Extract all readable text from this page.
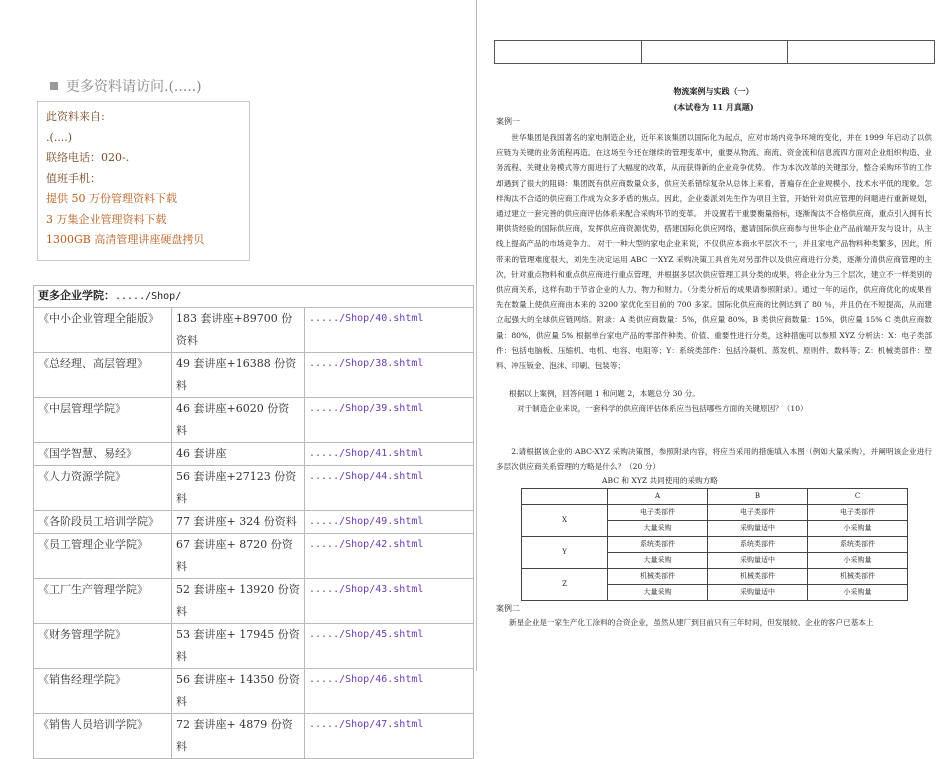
更多资料请访问.(.....)
此资料来自:
.(....)
联络电话：020-.
值班手机：
提供 50 万份管理资料下载
3 万集企业管理资料下载
1300GB 高清管理讲座硬盘拷贝
更多企业学院：...../Shop/		
《中小企业管理全能版》	183 套讲座+89700 份资料	...../Shop/40.shtml
《总经理、高层管理》	49 套讲座+16388 份资料	...../Shop/38.shtml
《中层管理学院》	46 套讲座+6020 份资料	...../Shop/39.shtml
《国学智慧、易经》	46 套讲座	...../Shop/41.shtml
《人力资源学院》	56 套讲座+27123 份资料	...../Shop/44.shtml
《各阶段员工培训学院》	77 套讲座+ 324 份资料	...../Shop/49.shtml
《员工管理企业学院》	67 套讲座+ 8720 份资料	...../Shop/42.shtml
《工厂生产管理学院》	52 套讲座+ 13920 份资料	...../Shop/43.shtml
《财务管理学院》	53 套讲座+ 17945 份资料	...../Shop/45.shtml
《销售经理学院》	56 套讲座+ 14350 份资料	...../Shop/46.shtml
《销售人员培训学院》	72 套讲座+ 4879 份资料	...../Shop/47.shtml

物流案例与实践（一）
(本试卷为 11 月真题)
案例一

世华集团是我国著名的家电制造企业，近年来该集团以国际化为起点，应对市场内竞争环境的变化，并在 1999 年启动了以供应链为关键的业务流程再造。在这场至今还在继续的管理变革中，重要从物流、商流、资金流和信息流四方面对企业组织构造、业务流程、关键业务模式等方面进行了大幅度的改革，从而获得新的企业竞争优势。 作为本次改革的关键部分，整合采购环节的工作却遇到了很大的阻碍：集团既有供应商数量众多，供应关系错综复杂从总体上来看，普遍存在企业规模小、技术水平低的现象。怎样淘汰不合适的供应商工作成为众多矛盾的焦点。因此，企业委派刘先生作为项目主管，开始针对供应管理的问题进行重新规划，通过建立一套完善的供应商评估体系来配合采购环节的变革。 并设置若干重要衡量指标，逐渐淘汰不合格供应商，重点引入拥有长期供货经验的国际供应商，发挥供应商资源优势，搭建国际化供应网络，邀请国际供应商参与世华企业产品前端开发与设计，从主线上提高产品的市场竞争力。 对于一种大型的家电企业来说，不仅供应本商水平层次不一，并且家电产品物料种类繁多，因此，所带来的管理难度很大，刘先生决定运用 ABC 一XYZ 采购决策工具首先对另部件以及供应商进行分类，逐渐分清供应商管理的主次，针对重点物料和重点供应商进行重点管理，并根据多层次供应管理工具分类的成果，将企业分为三个层次，建立不一样类别的供应商关系，这样有助于节省企业的人力、物力和财力。（分类分析后的成果请参照附录）。通过一年的运作，供应商优化的成果首先在数量上使供应商由本来的 3200 家优化至目前的 700 多家。国际化供应商的比例达到了 80 ％，并且仍在不短提高，从而建立起强大的全球供应链网络。附录：A 类供应商数量：5%，供应量 80%，B 类供应商数量：15%，供应量 15% C 类供应商数量：80%，供应量 5% 根据单台家电产品的零部件种类、价值、重要性进行分类，这种措施可以参照 XYZ 分析法：X：电子类部件：包括电脑板、压缩机、电机、电容、电阻等；Y：系统类部件：包括冷凝机、蒸发机、原则件、数料等；Z：机械类部件：塑料、冲压钣金、泡沫、印刷、包装等；

根据以上案例，回答问题 1 和问题 2，本题总分 30 分。
对于制造企业来说，一套科学的供应商评估体系应当包括哪些方面的关键原因？（10）

2.请根据该企业的 ABC-XYZ 采购决策图，参照附录内容，将应当采用的措施填入本图（例如大量采购），并阐明该企业进行多层次供应商关系管理的方略是什么？（20 分）

ABC 和 XYZ 共同使用的采购方略
	A	B	C
X	电子类部件	电子类部件	电子类部件
	大量采购	采购量适中	小采购量
Y	系统类部件	系统类部件	系统类部件
	大量采购	采购量适中	小采购量
Z	机械类部件	机械类部件	机械类部件
	大量采购	采购量适中	小采购量
案例二
新星企业是一家生产化工涂料的合资企业，虽然从建厂到目前只有三年时间，但发展较。企业的客户已基本上
